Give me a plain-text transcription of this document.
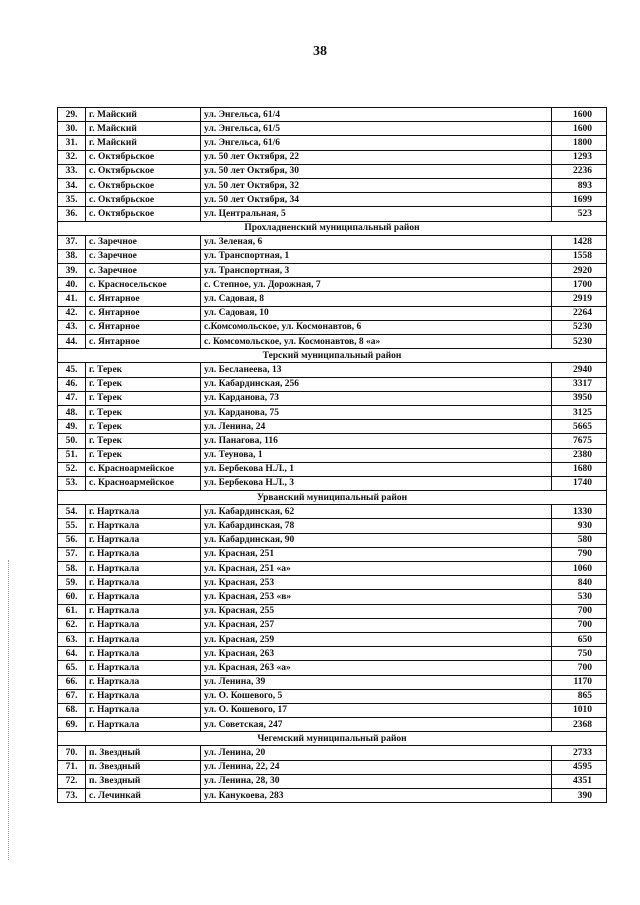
38
29.	г. Майский	ул. Энгельса, 61/4	1600
30.	г. Майский	ул. Энгельса, 61/5	1600
31.	г. Майский	ул. Энгельса, 61/6	1800
32.	с. Октябрьское	ул. 50 лет Октября, 22	1293
33.	с. Октябрьское	ул. 50 лет Октября, 30	2236
34.	с. Октябрьское	ул. 50 лет Октября, 32	893
35.	с. Октябрьское	ул. 50 лет Октября, 34	1699
36.	с. Октябрьское	ул. Центральная, 5	523
Прохладненский муниципальный район			
37.	с. Заречное	ул. Зеленая, 6	1428
38.	с. Заречное	ул. Транспортная, 1	1558
39.	с. Заречное	ул. Транспортная, 3	2920
40.	с. Красносельское	с. Степное, ул. Дорожная, 7	1700
41.	с. Янтарное	ул. Садовая, 8	2919
42.	с. Янтарное	ул. Садовая, 10	2264
43.	с. Янтарное	с.Комсомольское, ул. Космонавтов, 6	5230
44.	с. Янтарное	с. Комсомольское, ул. Космонавтов, 8 «а»	5230
Терский муниципальный район			
45.	г. Терек	ул. Бесланеева, 13	2940
46.	г. Терек	ул. Кабардинская, 256	3317
47.	г. Терек	ул. Карданова, 73	3950
48.	г. Терек	ул. Карданова, 75	3125
49.	г. Терек	ул. Ленина, 24	5665
50.	г. Терек	ул. Панагова, 116	7675
51.	г. Терек	ул. Теунова, 1	2380
52.	с. Красноармейское	ул. Бербекова Н.Л., 1	1680
53.	с. Красноармейское	ул. Бербекова Н.Л., 3	1740
Урванский муниципальный район			
54.	г. Нарткала	ул. Кабардинская, 62	1330
55.	г. Нарткала	ул. Кабардинская, 78	930
56.	г. Нарткала	ул. Кабардинская, 90	580
57.	г. Нарткала	ул. Красная, 251	790
58.	г. Нарткала	ул. Красная, 251 «а»	1060
59.	г. Нарткала	ул. Красная, 253	840
60.	г. Нарткала	ул. Красная, 253 «в»	530
61.	г. Нарткала	ул. Красная, 255	700
62.	г. Нарткала	ул. Красная, 257	700
63.	г. Нарткала	ул. Красная, 259	650
64.	г. Нарткала	ул. Красная, 263	750
65.	г. Нарткала	ул. Красная, 263 «а»	700
66.	г. Нарткала	ул. Ленина, 39	1170
67.	г. Нарткала	ул. О. Кошевого, 5	865
68.	г. Нарткала	ул. О. Кошевого, 17	1010
69.	г. Нарткала	ул. Советская, 247	2368
Чегемский муниципальный район			
70.	п. Звездный	ул. Ленина, 20	2733
71.	п. Звездный	ул. Ленина, 22, 24	4595
72.	п. Звездный	ул. Ленина, 28, 30	4351
73.	с. Лечинкай	ул. Канукоева, 283	390
